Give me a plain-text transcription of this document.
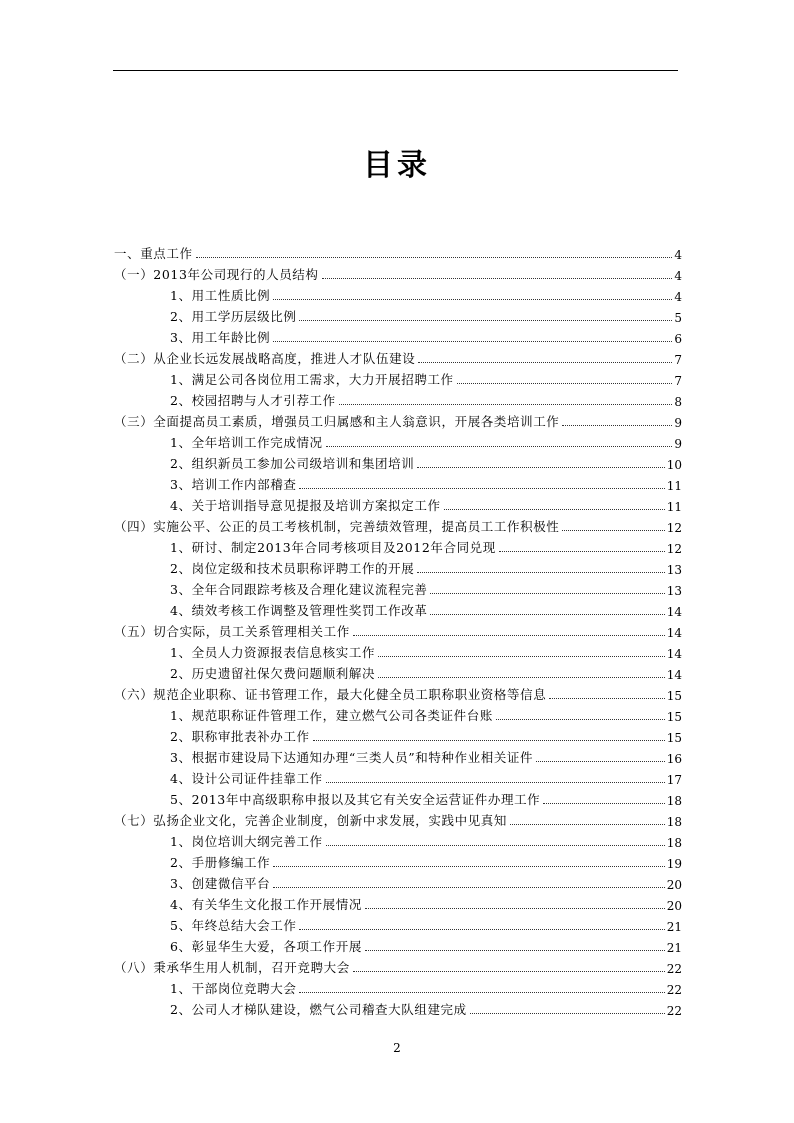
目录
一、重点工作	4
（一）2013年公司现行的人员结构	4
1、用工性质比例	4
2、用工学历层级比例	5
3、用工年龄比例	6
（二）从企业长远发展战略高度，推进人才队伍建设	7
1、满足公司各岗位用工需求，大力开展招聘工作	7
2、校园招聘与人才引荐工作	8
（三）全面提高员工素质，增强员工归属感和主人翁意识，开展各类培训工作	9
1、全年培训工作完成情况	9
2、组织新员工参加公司级培训和集团培训	10
3、培训工作内部稽查	11
4、关于培训指导意见提报及培训方案拟定工作	11
（四）实施公平、公正的员工考核机制，完善绩效管理，提高员工工作积极性	12
1、研讨、制定2013年合同考核项目及2012年合同兑现	12
2、岗位定级和技术员职称评聘工作的开展	13
3、全年合同跟踪考核及合理化建议流程完善	13
4、绩效考核工作调整及管理性奖罚工作改革	14
（五）切合实际，员工关系管理相关工作	14
1、全员人力资源报表信息核实工作	14
2、历史遗留社保欠费问题顺利解决	14
（六）规范企业职称、证书管理工作，最大化健全员工职称职业资格等信息	15
1、规范职称证件管理工作，建立燃气公司各类证件台账	15
2、职称审批表补办工作	15
3、根据市建设局下达通知办理“三类人员”和特种作业相关证件	16
4、设计公司证件挂靠工作	17
5、2013年中高级职称申报以及其它有关安全运营证件办理工作	18
（七）弘扬企业文化，完善企业制度，创新中求发展，实践中见真知	18
1、岗位培训大纲完善工作	18
2、手册修编工作	19
3、创建微信平台	20
4、有关华生文化报工作开展情况	20
5、年终总结大会工作	21
6、彰显华生大爱，各项工作开展	21
（八）秉承华生用人机制，召开竞聘大会	22
1、干部岗位竞聘大会	22
2、公司人才梯队建设，燃气公司稽查大队组建完成	22
2
